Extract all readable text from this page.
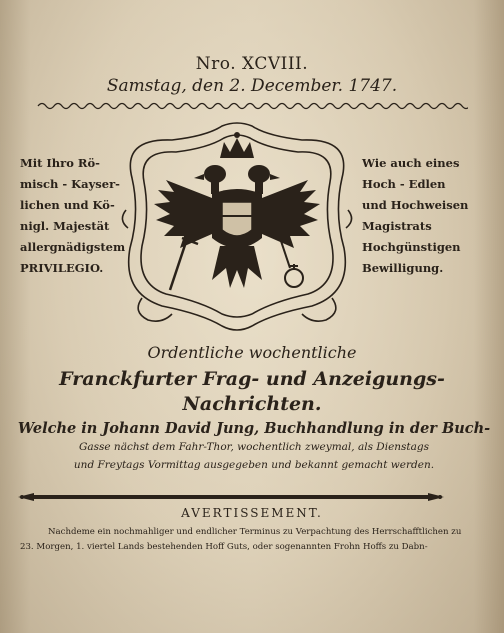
Nro. XCVIII.
Samstag, den 2. December. 1747.
Mit Ihro Rö-
misch - Kayser-
lichen und Kö-
nigl. Majestät
allergnädigstem
PRIVILEGIO.
Wie auch eines
Hoch - Edlen
und Hochweisen
Magistrats
Hochgünstigen
Bewilligung.
Ordentliche wochentliche
Franckfurter Frag- und Anzeigungs-
Nachrichten.
Welche in Johann David Jung, Buchhandlung in der Buch-
Gasse nächst dem Fahr-Thor, wochentlich zweymal, als Dienstags
und Freytags Vormittag ausgegeben und bekannt gemacht werden.
AVERTISSEMENT.
Nachdeme ein nochmahliger und endlicher Terminus zu Verpachtung des Herrschafftlichen zu
23. Morgen, 1. viertel Lands bestehenden Hoff Guts, oder sogenannten Frohn Hoffs zu Dabn-
